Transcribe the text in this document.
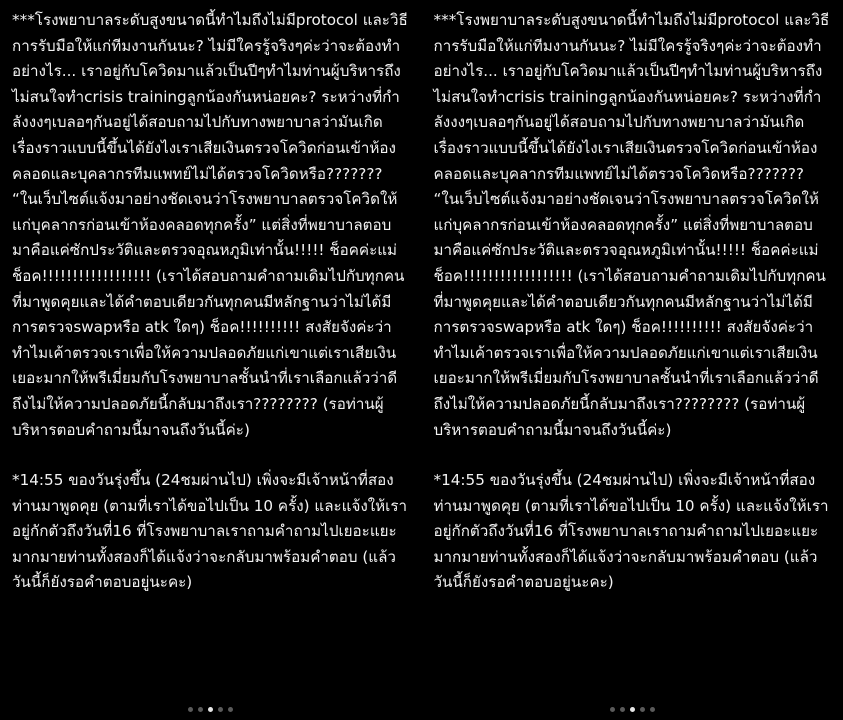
***โรงพยาบาลระดับสูงขนาดนี้ทำไมถึงไม่มีprotocol และวิธีการรับมือให้แก่ทีมงานกันนะ? ไม่มีใครรู้จริงๆค่ะว่าจะต้องทำอย่างไร... เราอยู่กับโควิดมาแล้วเป็นปีๆทำไมท่านผู้บริหารถึงไม่สนใจทำcrisis trainingลูกน้องกันหน่อยคะ? ระหว่างที่กำลังงงๆเบลอๆกันอยู่ได้สอบถามไปกับทางพยาบาลว่ามันเกิดเรื่องราวแบบนี้ขึ้นได้ยังไงเราเสียเงินตรวจโควิดก่อนเข้าห้องคลอดและบุคลากรทีมแพทย์ไม่ได้ตรวจโควิดหรือ??????? “ในเว็บไซต์แจ้งมาอย่างชัดเจนว่าโรงพยาบาลตรวจโควิดให้แก่บุคลากรก่อนเข้าห้องคลอดทุกครั้ง” แต่สิ่งที่พยาบาลตอบมาคือแค่ซักประวัติและตรวจอุณหภูมิเท่านั้น!!!!! ช็อคค่ะแม่ช็อค!!!!!!!!!!!!!!!!!! (เราได้สอบถามคำถามเดิมไปกับทุกคนที่มาพูดคุยและได้คำตอบเดียวกันทุกคนมีหลักฐานว่าไม่ได้มีการตรวจswapหรือ atk ใดๆ) ช็อค!!!!!!!!!! สงสัยจังค่ะว่าทำไมเค้าตรวจเราเพื่อให้ความปลอดภัยแก่เขาแต่เราเสียเงินเยอะมากให้พรีเมี่ยมกับโรงพยาบาลชั้นนำที่เราเลือกแล้วว่าดีถึงไม่ให้ความปลอดภัยนี้กลับมาถึงเรา???????? (รอท่านผู้บริหารตอบคำถามนี้มาจนถึงวันนี้ค่ะ)
*14:55 ของวันรุ่งขึ้น (24ชมผ่านไป) เพิ่งจะมีเจ้าหน้าที่สองท่านมาพูดคุย (ตามที่เราได้ขอไปเป็น 10 ครั้ง) และแจ้งให้เราอยู่กักตัวถึงวันที่16 ที่โรงพยาบาลเราถามคำถามไปเยอะแยะมากมายท่านทั้งสองก็ได้แจ้งว่าจะกลับมาพร้อมคำตอบ (แล้ววันนี้ก็ยังรอคำตอบอยู่นะคะ)
***โรงพยาบาลระดับสูงขนาดนี้ทำไมถึงไม่มีprotocol และวิธีการรับมือให้แก่ทีมงานกันนะ? ไม่มีใครรู้จริงๆค่ะว่าจะต้องทำอย่างไร... เราอยู่กับโควิดมาแล้วเป็นปีๆทำไมท่านผู้บริหารถึงไม่สนใจทำcrisis trainingลูกน้องกันหน่อยคะ? ระหว่างที่กำลังงงๆเบลอๆกันอยู่ได้สอบถามไปกับทางพยาบาลว่ามันเกิดเรื่องราวแบบนี้ขึ้นได้ยังไงเราเสียเงินตรวจโควิดก่อนเข้าห้องคลอดและบุคลากรทีมแพทย์ไม่ได้ตรวจโควิดหรือ??????? “ในเว็บไซต์แจ้งมาอย่างชัดเจนว่าโรงพยาบาลตรวจโควิดให้แก่บุคลากรก่อนเข้าห้องคลอดทุกครั้ง” แต่สิ่งที่พยาบาลตอบมาคือแค่ซักประวัติและตรวจอุณหภูมิเท่านั้น!!!!! ช็อคค่ะแม่ช็อค!!!!!!!!!!!!!!!!!! (เราได้สอบถามคำถามเดิมไปกับทุกคนที่มาพูดคุยและได้คำตอบเดียวกันทุกคนมีหลักฐานว่าไม่ได้มีการตรวจswapหรือ atk ใดๆ) ช็อค!!!!!!!!!! สงสัยจังค่ะว่าทำไมเค้าตรวจเราเพื่อให้ความปลอดภัยแก่เขาแต่เราเสียเงินเยอะมากให้พรีเมี่ยมกับโรงพยาบาลชั้นนำที่เราเลือกแล้วว่าดีถึงไม่ให้ความปลอดภัยนี้กลับมาถึงเรา???????? (รอท่านผู้บริหารตอบคำถามนี้มาจนถึงวันนี้ค่ะ)
*14:55 ของวันรุ่งขึ้น (24ชมผ่านไป) เพิ่งจะมีเจ้าหน้าที่สองท่านมาพูดคุย (ตามที่เราได้ขอไปเป็น 10 ครั้ง) และแจ้งให้เราอยู่กักตัวถึงวันที่16 ที่โรงพยาบาลเราถามคำถามไปเยอะแยะมากมายท่านทั้งสองก็ได้แจ้งว่าจะกลับมาพร้อมคำตอบ (แล้ววันนี้ก็ยังรอคำตอบอยู่นะคะ)
